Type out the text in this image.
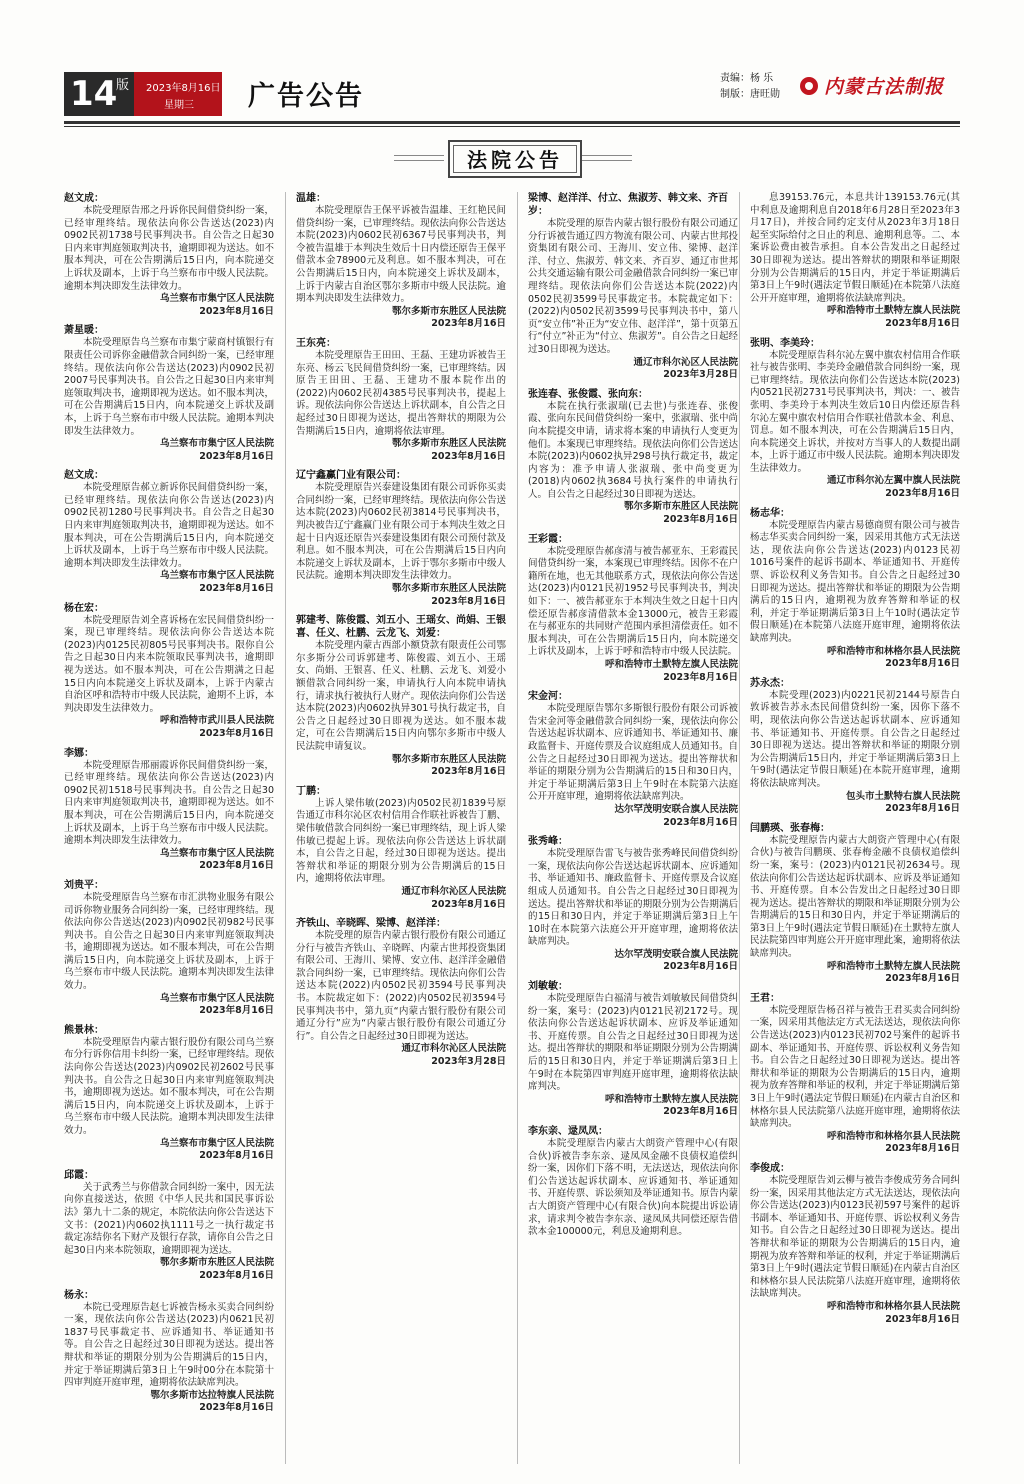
14
版 2023年8月16日
星期三 广告公告
责编：杨 乐
制版：唐旺勋 内蒙古法制报
法院公告
赵文成：
本院受理原告邢之丹诉你民间借贷纠纷一案，已经审理终结。现依法向你公告送达(2023)内0902民初1738号民事判决书。自公告之日起30日内来审判庭领取判决书，逾期即视为送达。如不服本判决，可在公告期满后15日内，向本院递交上诉状及副本，上诉于乌兰察布市中级人民法院。逾期本判决即发生法律效力。
乌兰察布市集宁区人民法院
2023年8月16日
萧星暖：
本院受理原告乌兰察布市集宁蒙商村镇银行有限责任公司诉你金融借款合同纠纷一案，已经审理终结。现依法向你公告送达(2023)内0902民初2007号民事判决书。自公告之日起30日内来审判庭领取判决书，逾期即视为送达。如不服本判决，可在公告期满后15日内，向本院递交上诉状及副本，上诉于乌兰察布市中级人民法院。逾期本判决即发生法律效力。
乌兰察布市集宁区人民法院
2023年8月16日
赵文成：
本院受理原告郝立新诉你民间借贷纠纷一案，已经审理终结。现依法向你公告送达(2023)内0902民初1280号民事判决书。自公告之日起30日内来审判庭领取判决书，逾期即视为送达。如不服本判决，可在公告期满后15日内，向本院递交上诉状及副本，上诉于乌兰察布市中级人民法院。逾期本判决即发生法律效力。
乌兰察布市集宁区人民法院
2023年8月16日
杨在宏：
本院受理原告刘全喜诉杨在宏民间借贷纠纷一案，现已审理终结。现依法向你公告送达本院(2023)内0125民初805号民事判决书。限你自公告之日起30日内来本院领取民事判决书，逾期即视为送达。如不服本判决，可在公告期满之日起15日内向本院递交上诉状及副本，上诉于内蒙古自治区呼和浩特市中级人民法院，逾期不上诉，本判决即发生法律效力。
呼和浩特市武川县人民法院
2023年8月16日
李娜：
本院受理原告邢丽霞诉你民间借贷纠纷一案，已经审理终结。现依法向你公告送达(2023)内0902民初1518号民事判决书。自公告之日起30日内来审判庭领取判决书，逾期即视为送达。如不服本判决，可在公告期满后15日内，向本院递交上诉状及副本，上诉于乌兰察布市中级人民法院。逾期本判决即发生法律效力。
乌兰察布市集宁区人民法院
2023年8月16日
刘贵平：
本院受理原告乌兰察布市汇洪物业服务有限公司诉你物业服务合同纠纷一案，已经审理终结。现依法向你公告送达(2023)内0902民初982号民事判决书。自公告之日起30日内来审判庭领取判决书，逾期即视为送达。如不服本判决，可在公告期满后15日内，向本院递交上诉状及副本，上诉于乌兰察布市中级人民法院。逾期本判决即发生法律效力。
乌兰察布市集宁区人民法院
2023年8月16日
熊景林：
本院受理原告内蒙古银行股份有限公司乌兰察布分行诉你信用卡纠纷一案，已经审理终结。现依法向你公告送达(2023)内0902民初2602号民事判决书。自公告之日起30日内来审判庭领取判决书，逾期即视为送达。如不服本判决，可在公告期满后15日内，向本院递交上诉状及副本，上诉于乌兰察布市中级人民法院。逾期本判决即发生法律效力。
乌兰察布市集宁区人民法院
2023年8月16日
邱霞：
关于武秀兰与你借款合同纠纷一案中，因无法向你直接送达，依照《中华人民共和国民事诉讼法》第九十二条的规定，本院依法向你公告送达下文书：(2021)内0602执1111号之一执行裁定书裁定冻结你名下财产及银行存款，请你自公告之日起30日内来本院领取，逾期即视为送达。
鄂尔多斯市东胜区人民法院
2023年8月16日
杨永：
本院已受理原告赵七诉被告杨永买卖合同纠纷一案，现依法向你公告送达(2023)内0621民初1837号民事裁定书、应诉通知书、举证通知书等。自公告之日起经过30日即视为送达。提出答辩状和举证的期限分别为公告期满后的15日内，并定于举证期满后第3日上午9时00分在本院第十四审判庭开庭审理，逾期将依法缺席判决。
鄂尔多斯市达拉特旗人民法院
2023年8月16日
温雄：
本院受理原告王保平诉被告温雄、王红艳民间借贷纠纷一案，已审理终结。现依法向你公告送达本院(2023)内0602民初6367号民事判决书，判令被告温雄于本判决生效后十日内偿还原告王保平借款本金78900元及利息。如不服本判决，可在公告期满后15日内，向本院递交上诉状及副本，上诉于内蒙古自治区鄂尔多斯市中级人民法院。逾期本判决即发生法律效力。
鄂尔多斯市东胜区人民法院
2023年8月16日
王东亮：
本院受理原告王田田、王磊、王建功诉被告王东亮、杨云飞民间借贷纠纷一案，已审理终结。因原告王田田、王磊、王建功不服本院作出的(2022)内0602民初4385号民事判决书，提起上诉。现依法向你公告送达上诉状副本，自公告之日起经过30日即视为送达，提出答辩状的期限为公告期满后15日内，逾期将依法审理。
鄂尔多斯市东胜区人民法院
2023年8月16日
辽宁鑫赢门业有限公司：
本院受理原告兴泰建设集团有限公司诉你买卖合同纠纷一案，已经审理终结。现依法向你公告送达本院(2023)内0602民初3814号民事判决书，判决被告辽宁鑫赢门业有限公司于本判决生效之日起十日内返还原告兴泰建设集团有限公司预付款及利息。如不服本判决，可在公告期满后15日内向本院递交上诉状及副本，上诉于鄂尔多斯市中级人民法院。逾期本判决即发生法律效力。
鄂尔多斯市东胜区人民法院
2023年8月16日
郭建考、陈俊霞、刘五小、王瑶女、尚娟、王银喜、任义、杜鹏、云龙飞、刘爱：
本院受理内蒙古西部小额贷款有限责任公司鄂尔多斯分公司诉郭建考、陈俊霞、刘五小、王瑶女、尚娟、王银喜、任义、杜鹏、云龙飞、刘爱小额借款合同纠纷一案，申请执行人向本院申请执行，请求执行被执行人财产。现依法向你们公告送达本院(2023)内0602执异301号执行裁定书，自公告之日起经过30日即视为送达。如不服本裁定，可在公告期满后15日内向鄂尔多斯市中级人民法院申请复议。
鄂尔多斯市东胜区人民法院
2023年8月16日
丁鹏：
上诉人梁伟敏(2023)内0502民初1839号原告通辽市科尔沁区农村信用合作联社诉被告丁鹏、梁伟敏借款合同纠纷一案已审理终结，现上诉人梁伟敏已提起上诉。现依法向你公告送达上诉状副本，自公告之日起，经过30日即视为送达。提出答辩状和举证的期限分别为公告期满后的15日内，逾期将依法审理。
通辽市科尔沁区人民法院
2023年8月16日
齐铁山、辛晓晖、梁博、赵洋洋：
本院受理的原告内蒙古银行股份有限公司通辽分行与被告齐铁山、辛晓晖、内蒙古世邦投资集团有限公司、王海川、梁博、安立伟、赵洋洋金融借款合同纠纷一案，已审理终结。现依法向你们公告送达本院(2022)内0502民初3594号民事判决书。本院裁定如下：(2022)内0502民初3594号民事判决书中，第九页“内蒙古银行股份有限公司通辽分行”应为“内蒙古银行股份有限公司通辽分行”。自公告之日起经过30日即视为送达。
通辽市科尔沁区人民法院
2023年3月28日
梁博、赵洋洋、付立、焦淑芳、韩文来、齐百岁：
本院受理的原告内蒙古银行股份有限公司通辽分行诉被告通辽四方物流有限公司、内蒙古世邦投资集团有限公司、王海川、安立伟、梁博、赵洋洋、付立、焦淑芳、韩文来、齐百岁、通辽市世邦公共交通运输有限公司金融借款合同纠纷一案已审理终结。现依法向你们公告送达本院(2022)内0502民初3599号民事裁定书。本院裁定如下：(2022)内0502民初3599号民事判决书中，第八页“安立伟”补正为“安立伟、赵洋洋”，第十页第五行“付立”补正为“付立、焦淑芳”。自公告之日起经过30日即视为送达。
通辽市科尔沁区人民法院
2023年3月28日
张连春、张俊霞、张向东：
本院在执行张淑瑞(已去世)与张连春、张俊霞、张向东民间借贷纠纷一案中，张淑瑞、张中尚向本院提交申请，请求将本案的申请执行人变更为他们。本案现已审理终结。现依法向你们公告送达本院(2023)内0602执异298号执行裁定书，裁定内容为：准予申请人张淑瑞、张中尚变更为(2018)内0602执3684号执行案件的申请执行人。自公告之日起经过30日即视为送达。
鄂尔多斯市东胜区人民法院
2023年8月16日
王彩霞：
本院受理原告郝彦清与被告郝亚东、王彩霞民间借贷纠纷一案，本案现已审理终结。因你不在户籍所在地，也无其他联系方式，现依法向你公告送达(2023)内0121民初1952号民事判决书，判决如下：一、被告郝亚东于本判决生效之日起十日内偿还原告郝彦清借款本金13000元，被告王彩霞在与郝亚东的共同财产范围内承担清偿责任。如不服本判决，可在公告期满后15日内，向本院递交上诉状及副本，上诉于呼和浩特市中级人民法院。
呼和浩特市土默特左旗人民法院
2023年8月16日
宋金河：
本院受理原告鄂尔多斯银行股份有限公司诉被告宋金河等金融借款合同纠纷一案，现依法向你公告送达起诉状副本、应诉通知书、举证通知书、廉政监督卡、开庭传票及合议庭组成人员通知书。自公告之日起经过30日即视为送达。提出答辩状和举证的期限分别为公告期满后的15日和30日内，并定于举证期满后第3日上午9时在本院第六法庭公开开庭审理，逾期将依法缺席判决。
达尔罕茂明安联合旗人民法院
2023年8月16日
张秀峰：
本院受理原告雷飞与被告张秀峰民间借贷纠纷一案，现依法向你公告送达起诉状副本、应诉通知书、举证通知书、廉政监督卡、开庭传票及合议庭组成人员通知书。自公告之日起经过30日即视为送达。提出答辩状和举证的期限分别为公告期满后的15日和30日内，并定于举证期满后第3日上午10时在本院第六法庭公开开庭审理，逾期将依法缺席判决。
达尔罕茂明安联合旗人民法院
2023年8月16日
刘敏敏：
本院受理原告白福清与被告刘敏敏民间借贷纠纷一案，案号：(2023)内0121民初2172号。现依法向你公告送达起诉状副本、应诉及举证通知书、开庭传票。自公告之日起经过30日即视为送达。提出答辩状的期限和举证期限分别为公告期满后的15日和30日内，并定于举证期满后第3日上午9时在本院第四审判庭开庭审理，逾期将依法缺席判决。
呼和浩特市土默特左旗人民法院
2023年8月16日
李东亲、逯凤凤：
本院受理原告内蒙古大朗资产管理中心(有限合伙)诉被告李东亲、逯凤凤金融不良债权追偿纠纷一案，因你们下落不明，无法送达，现依法向你们公告送达起诉状副本、应诉通知书、举证通知书、开庭传票、诉讼须知及举证通知书。原告内蒙古大朗资产管理中心(有限合伙)向本院提出诉讼请求，请求判令被告李东亲、逯凤凤共同偿还原告借款本金100000元，利息及逾期利息。
息39153.76元，本息共计139153.76元(其中利息及逾期利息自2018年6月28日至2023年3月17日)，并按合同约定支付从2023年3月18日起至实际给付之日止的利息、逾期利息等。二、本案诉讼费由被告承担。自本公告发出之日起经过30日即视为送达。提出答辩状的期限和举证期限分别为公告期满后的15日内，并定于举证期满后第3日上午9时(遇法定节假日顺延)在本院第八法庭公开开庭审理，逾期将依法缺席判决。
呼和浩特市土默特左旗人民法院
2023年8月16日
张明、李美玲：
本院受理原告科尔沁左翼中旗农村信用合作联社与被告张明、李美玲金融借款合同纠纷一案，现已审理终结。现依法向你们公告送达本院(2023)内0521民初2731号民事判决书，判决：一、被告张明、李美玲于本判决生效后10日内偿还原告科尔沁左翼中旗农村信用合作联社借款本金、利息、罚息。如不服本判决，可在公告期满后15日内，向本院递交上诉状，并按对方当事人的人数提出副本，上诉于通辽市中级人民法院。逾期本判决即发生法律效力。
通辽市科尔沁左翼中旗人民法院
2023年8月16日
杨志华：
本院受理原告内蒙古易德商贸有限公司与被告杨志华买卖合同纠纷一案，因采用其他方式无法送达，现依法向你公告送达(2023)内0123民初1016号案件的起诉书副本、举证通知书、开庭传票、诉讼权利义务告知书。自公告之日起经过30日即视为送达。提出答辩状和举证的期限为公告期满后的15日内，逾期视为放弃答辩和举证的权利，并定于举证期满后第3日上午10时(遇法定节假日顺延)在本院第八法庭开庭审理，逾期将依法缺席判决。
呼和浩特市和林格尔县人民法院
2023年8月16日
苏永杰：
本院受理(2023)内0221民初2144号原告白敦诉被告苏永杰民间借贷纠纷一案，因你下落不明，现依法向你公告送达起诉状副本、应诉通知书、举证通知书、开庭传票。自公告之日起经过30日即视为送达。提出答辩状和举证的期限分别为公告期满后15日内，并定于举证期满后第3日上午9时(遇法定节假日顺延)在本院开庭审理，逾期将依法缺席判决。
包头市土默特右旗人民法院
2023年8月16日
闫鹏瑛、张春梅：
本院受理原告内蒙古大朗资产管理中心(有限合伙)与被告闫鹏瑛、张春梅金融不良债权追偿纠纷一案，案号：(2023)内0121民初2634号。现依法向你们公告送达起诉状副本、应诉及举证通知书、开庭传票。自本公告发出之日起经过30日即视为送达。提出答辩状的期限和举证期限分别为公告期满后的15日和30日内，并定于举证期满后的第3日上午9时(遇法定节假日顺延)在土默特左旗人民法院第四审判庭公开开庭审理此案，逾期将依法缺席判决。
呼和浩特市土默特左旗人民法院
2023年8月16日
王君：
本院受理原告杨召祥与被告王君买卖合同纠纷一案，因采用其他法定方式无法送达，现依法向你公告送达(2023)内0123民初702号案件的起诉书副本、举证通知书、开庭传票、诉讼权利义务告知书。自公告之日起经过30日即视为送达。提出答辩状和举证的期限为公告期满后的15日内，逾期视为放弃答辩和举证的权利，并定于举证期满后第3日上午9时(遇法定节假日顺延)在内蒙古自治区和林格尔县人民法院第八法庭开庭审理，逾期将依法缺席判决。
呼和浩特市和林格尔县人民法院
2023年8月16日
李俊成：
本院受理原告刘云柳与被告李俊成劳务合同纠纷一案，因采用其他法定方式无法送达，现依法向你公告送达(2023)内0123民初597号案件的起诉书副本、举证通知书、开庭传票、诉讼权利义务告知书。自公告之日起经过30日即视为送达。提出答辩状和举证的期限为公告期满后的15日内，逾期视为放弃答辩和举证的权利，并定于举证期满后第3日上午9时(遇法定节假日顺延)在内蒙古自治区和林格尔县人民法院第八法庭开庭审理，逾期将依法缺席判决。
呼和浩特市和林格尔县人民法院
2023年8月16日
